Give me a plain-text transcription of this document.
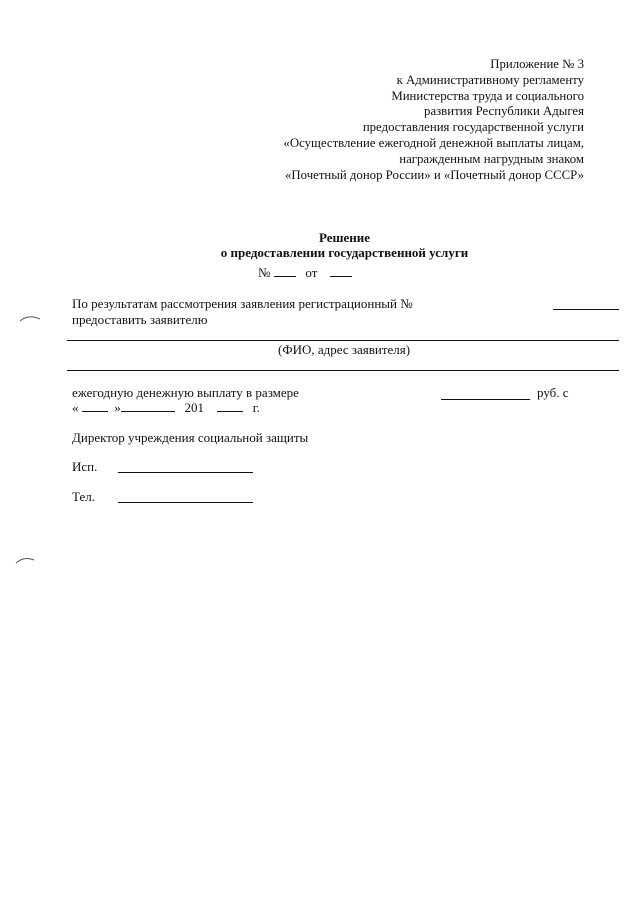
Приложение № 3
к Административному регламенту
Министерства труда и социального
развития Республики Адыгея
предоставления государственной услуги
«Осуществление ежегодной денежной выплаты лицам,
награжденным нагрудным знаком
«Почетный донор России» и «Почетный донор СССР»
Решение
о предоставлении государственной услуги
№	от
По результатам рассмотрения заявления регистрационный №
предоставить заявителю
(ФИО, адрес заявителя)
ежегодную денежную выплату в размере	руб. с
«	»	201	г.
Директор учреждения социальной защиты
Исп.
Тел.
